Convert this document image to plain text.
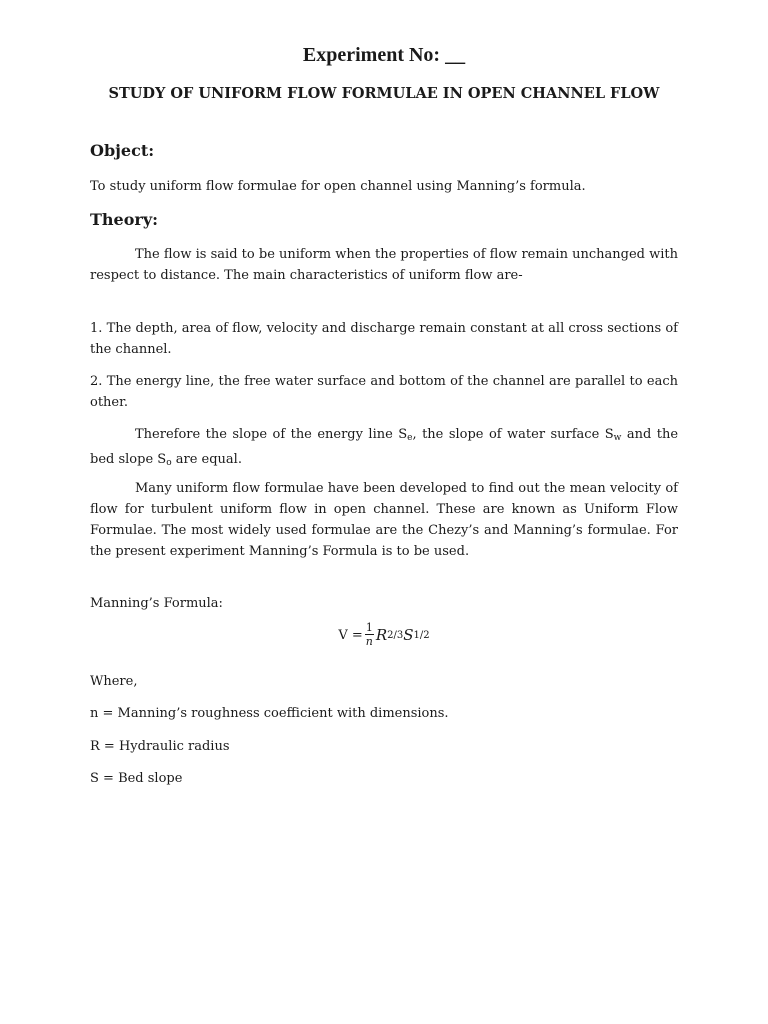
Experiment No: __
STUDY OF UNIFORM FLOW FORMULAE IN OPEN CHANNEL FLOW
Object:
To study uniform flow formulae for open channel using Manning’s formula.
Theory:
The flow is said to be uniform when the properties of flow remain unchanged with respect to distance. The main characteristics of uniform flow are-
1. The depth, area of flow, velocity and discharge remain constant at all cross sections of the channel.
2. The energy line, the free water surface and bottom of the channel are parallel to each other.
Therefore the slope of the energy line $S_e$, the slope of water surface $S_w$ and the bed slope $S_o$ are equal.
Many uniform flow formulae have been developed to find out the mean velocity of flow for turbulent uniform flow in open channel. These are known as Uniform Flow Formulae. The most widely used formulae are the Chezy’s and Manning’s formulae. For the present experiment Manning’s Formula is to be used.
Manning’s Formula:
$V = \frac{1}{n}$ R 2/3 S 1/2
Where,
n = Manning’s roughness coefficient with dimensions.
R = Hydraulic radius
S = Bed slope
